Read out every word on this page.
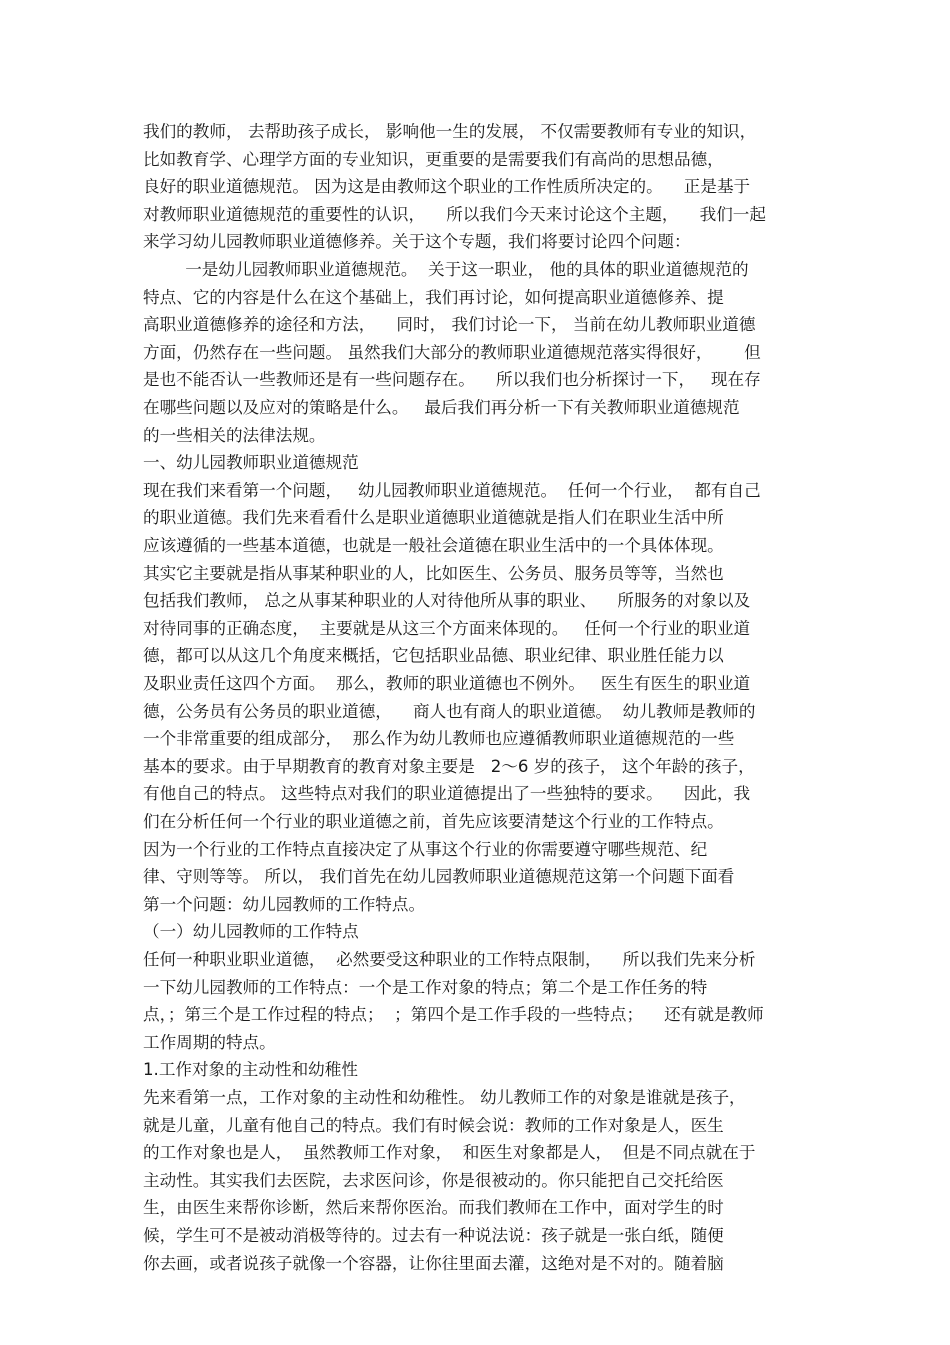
我们的教师， 去帮助孩子成长， 影响他一生的发展， 不仅需要教师有专业的知识，
比如教育学、心理学方面的专业知识，更重要的是需要我们有高尚的思想品德，
良好的职业道德规范。 因为这是由教师这个职业的工作性质所决定的。    正是基于
对教师职业道德规范的重要性的认识，    所以我们今天来讨论这个主题，    我们一起
来学习幼儿园教师职业道德修养。关于这个专题，我们将要讨论四个问题：
一是幼儿园教师职业道德规范。  关于这一职业， 他的具体的职业道德规范的
特点、它的内容是什么在这个基础上，我们再讨论，如何提高职业道德修养、提
高职业道德修养的途径和方法，    同时， 我们讨论一下， 当前在幼儿教师职业道德
方面，仍然存在一些问题。 虽然我们大部分的教师职业道德规范落实得很好，      但
是也不能否认一些教师还是有一些问题存在。    所以我们也分析探讨一下，   现在存
在哪些问题以及应对的策略是什么。   最后我们再分析一下有关教师职业道德规范
的一些相关的法律法规。
一、幼儿园教师职业道德规范
现在我们来看第一个问题，   幼儿园教师职业道德规范。  任何一个行业，  都有自己
的职业道德。我们先来看看什么是职业道德职业道德就是指人们在职业生活中所
应该遵循的一些基本道德，也就是一般社会道德在职业生活中的一个具体体现。
其实它主要就是指从事某种职业的人，比如医生、公务员、服务员等等，当然也
包括我们教师， 总之从事某种职业的人对待他所从事的职业、    所服务的对象以及
对待同事的正确态度，  主要就是从这三个方面来体现的。   任何一个行业的职业道
德，都可以从这几个角度来概括，它包括职业品德、职业纪律、职业胜任能力以
及职业责任这四个方面。  那么，教师的职业道德也不例外。   医生有医生的职业道
德，公务员有公务员的职业道德，    商人也有商人的职业道德。  幼儿教师是教师的
一个非常重要的组成部分，  那么作为幼儿教师也应遵循教师职业道德规范的一些
基本的要求。由于早期教育的教育对象主要是   2～6 岁的孩子， 这个年龄的孩子，
有他自己的特点。 这些特点对我们的职业道德提出了一些独特的要求。    因此，我
们在分析任何一个行业的职业道德之前，首先应该要清楚这个行业的工作特点。
因为一个行业的工作特点直接决定了从事这个行业的你需要遵守哪些规范、纪
律、守则等等。 所以， 我们首先在幼儿园教师职业道德规范这第一个问题下面看
第一个问题：幼儿园教师的工作特点。
（一）幼儿园教师的工作特点
任何一种职业职业道德，  必然要受这种职业的工作特点限制，    所以我们先来分析
一下幼儿园教师的工作特点：一个是工作对象的特点；第二个是工作任务的特
点，；第三个是工作过程的特点；  ；第四个是工作手段的一些特点；    还有就是教师
工作周期的特点。
1.工作对象的主动性和幼稚性
先来看第一点，工作对象的主动性和幼稚性。 幼儿教师工作的对象是谁就是孩子，
就是儿童，儿童有他自己的特点。我们有时候会说：教师的工作对象是人，医生
的工作对象也是人，  虽然教师工作对象，  和医生对象都是人，  但是不同点就在于
主动性。其实我们去医院，去求医问诊，你是很被动的。你只能把自己交托给医
生，由医生来帮你诊断，然后来帮你医治。而我们教师在工作中，面对学生的时
候，学生可不是被动消极等待的。过去有一种说法说：孩子就是一张白纸，随便
你去画，或者说孩子就像一个容器，让你往里面去灌，这绝对是不对的。随着脑
